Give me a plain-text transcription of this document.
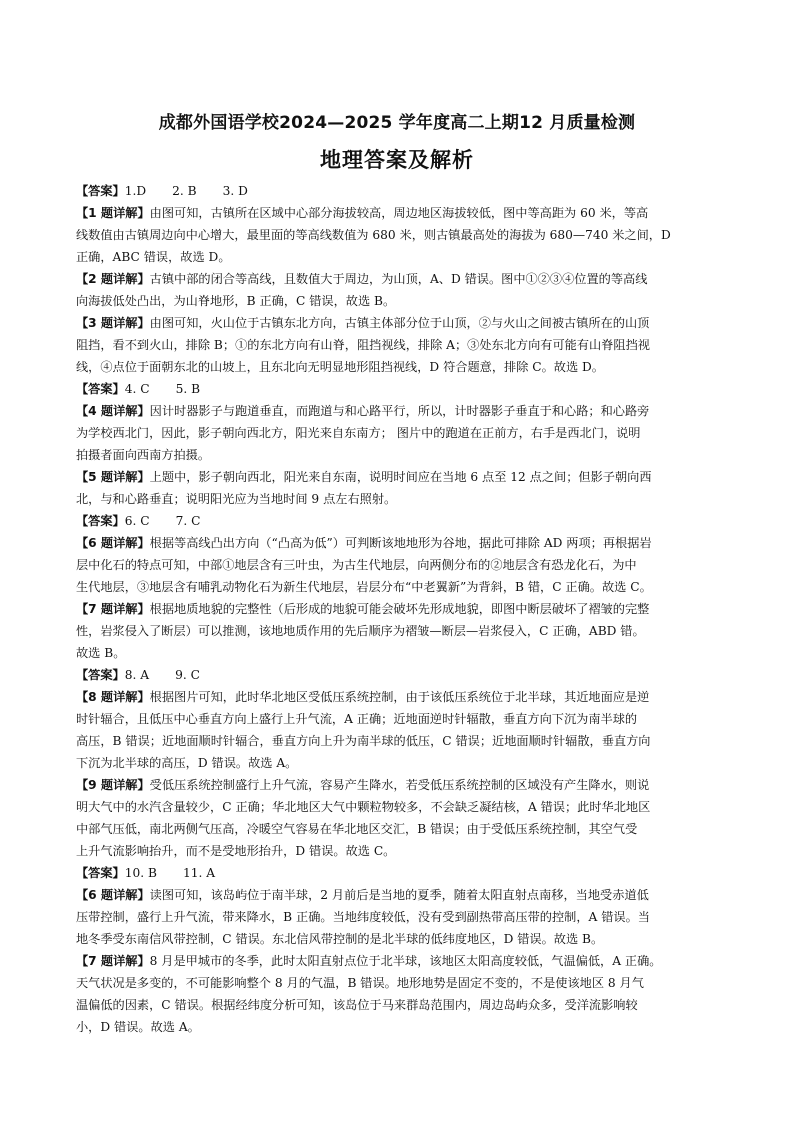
成都外国语学校2024—2025 学年度高二上期12 月质量检测
地理答案及解析
【答案】1.D 2. B 3. D
【1 题详解】由图可知，古镇所在区域中心部分海拔较高，周边地区海拔较低，图中等高距为 60 米，等高
线数值由古镇周边向中心增大，最里面的等高线数值为 680 米，则古镇最高处的海拔为 680—740 米之间，D
正确，ABC 错误，故选 D。
【2 题详解】古镇中部的闭合等高线，且数值大于周边，为山顶，A、D 错误。图中①②③④位置的等高线
向海拔低处凸出，为山脊地形，B 正确，C 错误，故选 B。
【3 题详解】由图可知，火山位于古镇东北方向，古镇主体部分位于山顶，②与火山之间被古镇所在的山顶
阻挡，看不到火山，排除 B；①的东北方向有山脊，阻挡视线，排除 A；③处东北方向有可能有山脊阻挡视
线，④点位于面朝东北的山坡上，且东北向无明显地形阻挡视线，D 符合题意，排除 C。故选 D。
【答案】4. C 5. B
【4 题详解】因计时器影子与跑道垂直，而跑道与和心路平行，所以，计时器影子垂直于和心路；和心路旁
为学校西北门，因此，影子朝向西北方，阳光来自东南方； 图片中的跑道在正前方，右手是西北门，说明
拍摄者面向西南方拍摄。
【5 题详解】上题中，影子朝向西北，阳光来自东南，说明时间应在当地 6 点至 12 点之间；但影子朝向西
北，与和心路垂直；说明阳光应为当地时间 9 点左右照射。
【答案】6. C 7. C
【6 题详解】根据等高线凸出方向（“凸高为低”）可判断该地地形为谷地，据此可排除 AD 两项；再根据岩
层中化石的特点可知，中部①地层含有三叶虫，为古生代地层，向两侧分布的②地层含有恐龙化石，为中
生代地层，③地层含有哺乳动物化石为新生代地层，岩层分布“中老翼新”为背斜，B 错，C 正确。故选 C。
【7 题详解】根据地质地貌的完整性（后形成的地貌可能会破坏先形成地貌，即图中断层破坏了褶皱的完整
性，岩浆侵入了断层）可以推测，该地地质作用的先后顺序为褶皱—断层—岩浆侵入，C 正确，ABD 错。
故选 B。
【答案】8. A 9. C
【8 题详解】根据图片可知，此时华北地区受低压系统控制，由于该低压系统位于北半球，其近地面应是逆
时针辐合，且低压中心垂直方向上盛行上升气流，A 正确；近地面逆时针辐散，垂直方向下沉为南半球的
高压，B 错误；近地面顺时针辐合，垂直方向上升为南半球的低压，C 错误；近地面顺时针辐散，垂直方向
下沉为北半球的高压，D 错误。故选 A。
【9 题详解】受低压系统控制盛行上升气流，容易产生降水，若受低压系统控制的区域没有产生降水，则说
明大气中的水汽含量较少，C 正确；华北地区大气中颗粒物较多，不会缺乏凝结核，A 错误；此时华北地区
中部气压低，南北两侧气压高，冷暖空气容易在华北地区交汇，B 错误；由于受低压系统控制，其空气受
上升气流影响抬升，而不是受地形抬升，D 错误。故选 C。
【答案】10. B 11. A
【6 题详解】读图可知，该岛屿位于南半球，2 月前后是当地的夏季，随着太阳直射点南移，当地受赤道低
压带控制，盛行上升气流，带来降水，B 正确。当地纬度较低，没有受到副热带高压带的控制，A 错误。当
地冬季受东南信风带控制，C 错误。东北信风带控制的是北半球的低纬度地区，D 错误。故选 B。
【7 题详解】8 月是甲城市的冬季，此时太阳直射点位于北半球，该地区太阳高度较低，气温偏低，A 正确。
天气状况是多变的，不可能影响整个 8 月的气温，B 错误。地形地势是固定不变的，不是使该地区 8 月气
温偏低的因素，C 错误。根据经纬度分析可知，该岛位于马来群岛范围内，周边岛屿众多，受洋流影响较
小，D 错误。故选 A。
